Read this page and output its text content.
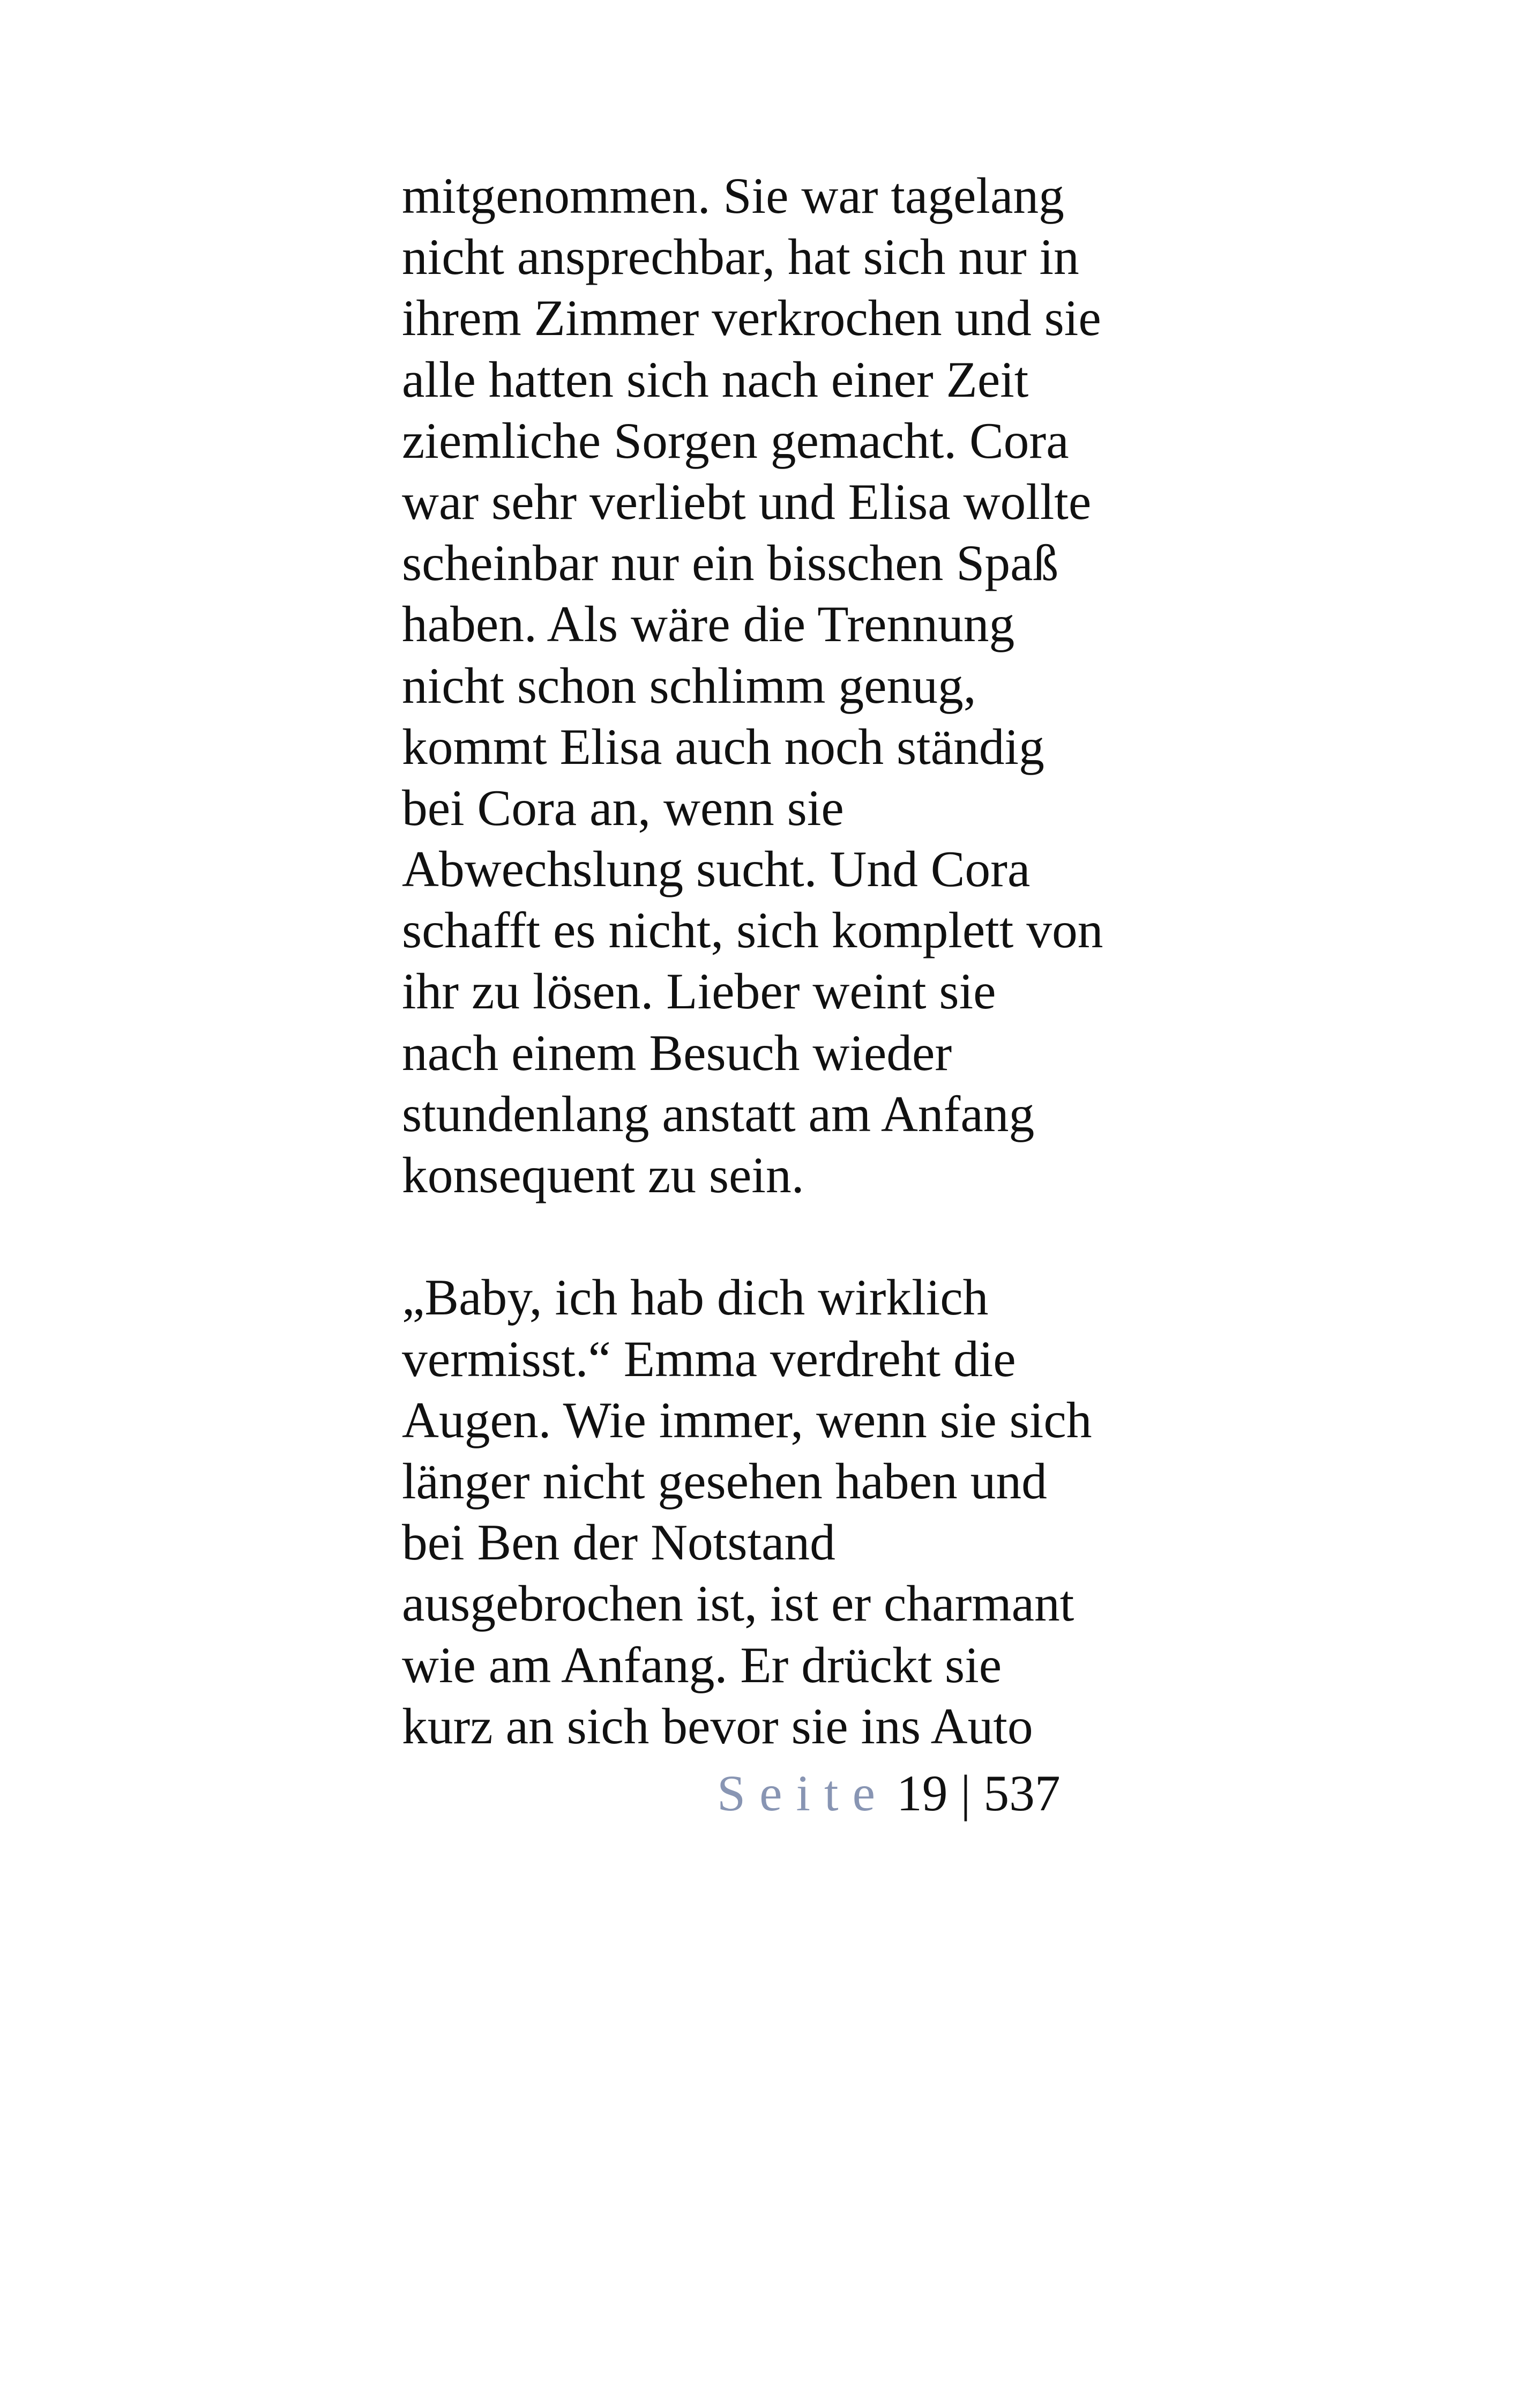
mitgenommen. Sie war tagelang
nicht ansprechbar, hat sich nur in
ihrem Zimmer verkrochen und sie
alle hatten sich nach einer Zeit
ziemliche Sorgen gemacht. Cora
war sehr verliebt und Elisa wollte
scheinbar nur ein bisschen Spaß
haben. Als wäre die Trennung
nicht schon schlimm genug,
kommt Elisa auch noch ständig
bei Cora an, wenn sie
Abwechslung sucht. Und Cora
schafft es nicht, sich komplett von
ihr zu lösen. Lieber weint sie
nach einem Besuch wieder
stundenlang anstatt am Anfang
konsequent zu sein.
„Baby, ich hab dich wirklich
vermisst.“ Emma verdreht die
Augen. Wie immer, wenn sie sich
länger nicht gesehen haben und
bei Ben der Notstand
ausgebrochen ist, ist er charmant
wie am Anfang. Er drückt sie
kurz an sich bevor sie ins Auto
Seite 19 | 537
